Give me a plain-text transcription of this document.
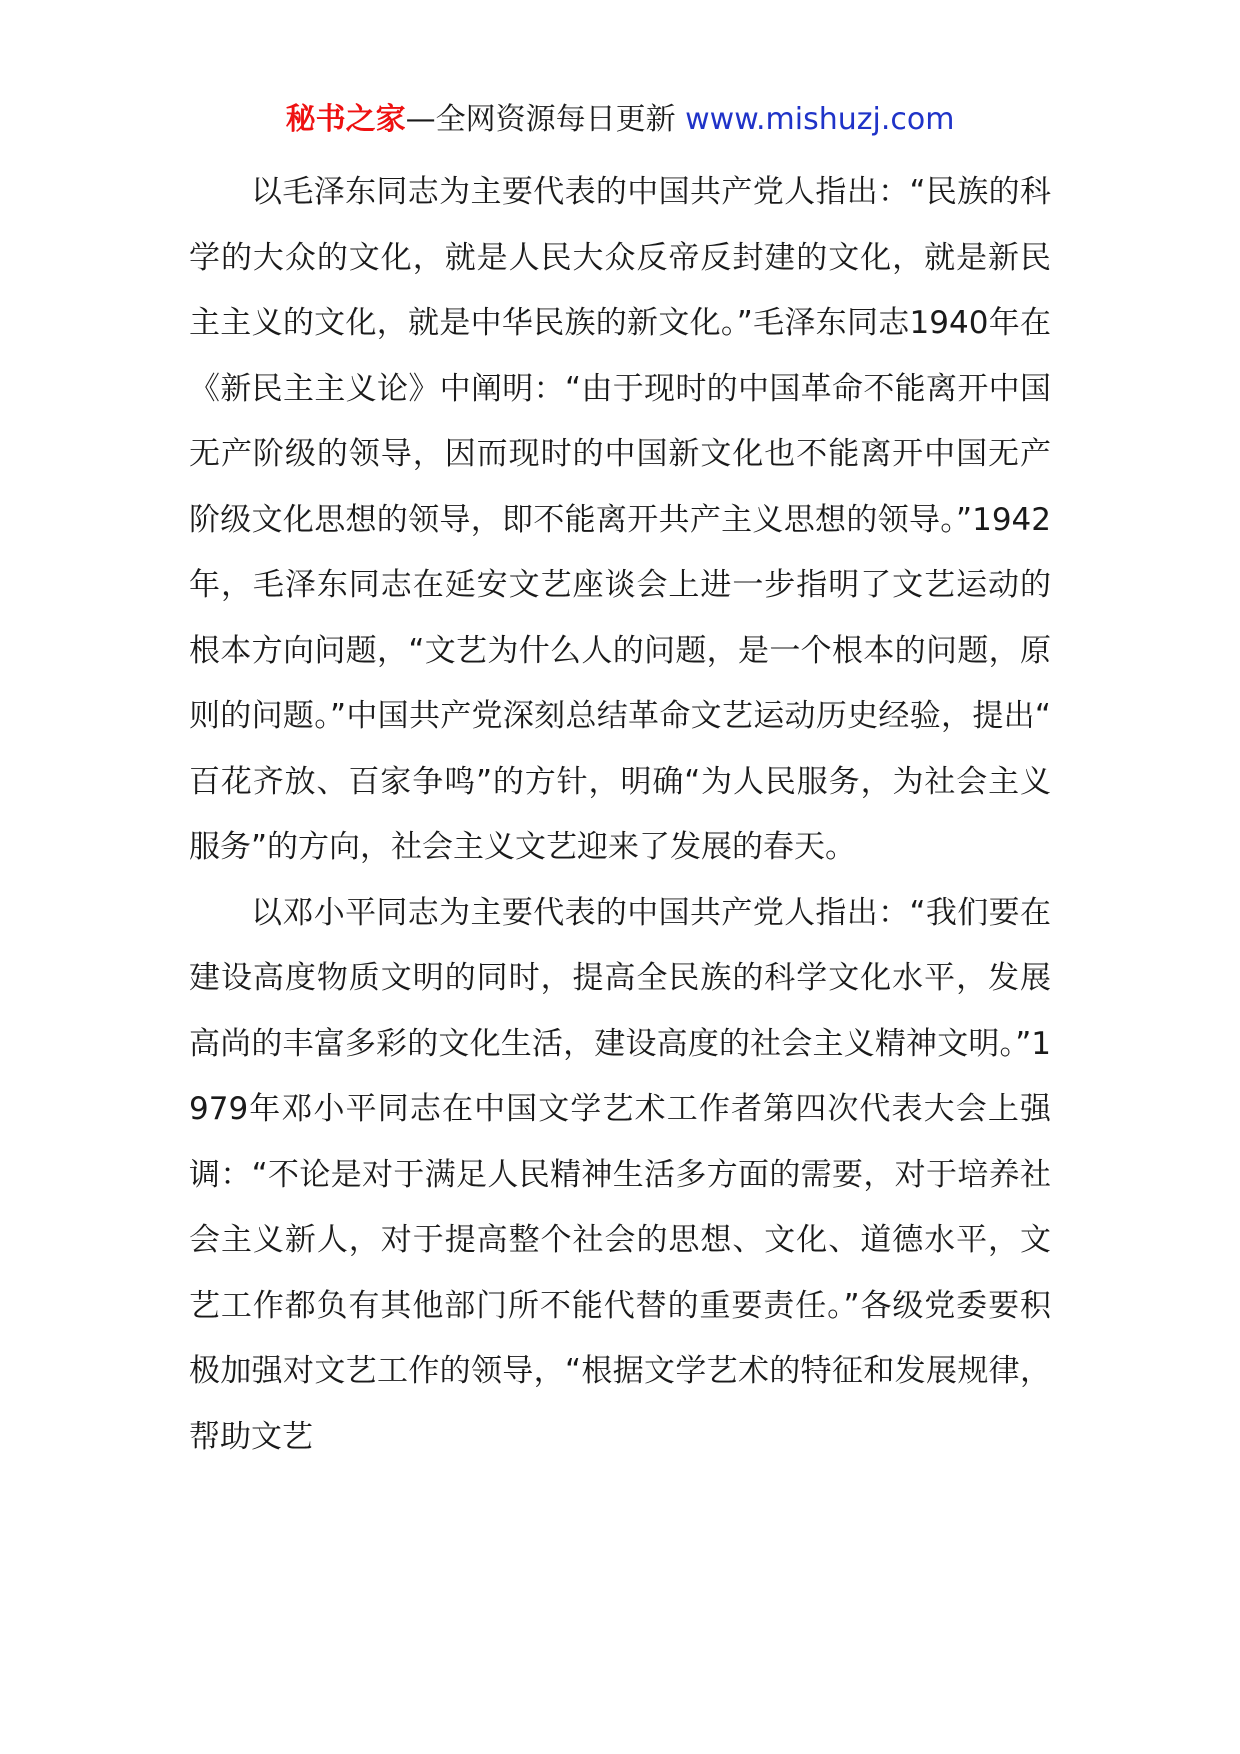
秘书之家—全网资源每日更新 www.mishuzj.com

以毛泽东同志为主要代表的中国共产党人指出：“民族的科学的大众的文化，就是人民大众反帝反封建的文化，就是新民主主义的文化，就是中华民族的新文化。”毛泽东同志1940年在《新民主主义论》中阐明：“由于现时的中国革命不能离开中国无产阶级的领导，因而现时的中国新文化也不能离开中国无产阶级文化思想的领导，即不能离开共产主义思想的领导。”1942年，毛泽东同志在延安文艺座谈会上进一步指明了文艺运动的根本方向问题，“文艺为什么人的问题，是一个根本的问题，原则的问题。”中国共产党深刻总结革命文艺运动历史经验，提出“百花齐放、百家争鸣”的方针，明确“为人民服务，为社会主义服务”的方向，社会主义文艺迎来了发展的春天。

以邓小平同志为主要代表的中国共产党人指出：“我们要在建设高度物质文明的同时，提高全民族的科学文化水平，发展高尚的丰富多彩的文化生活，建设高度的社会主义精神文明。”1979年邓小平同志在中国文学艺术工作者第四次代表大会上强调：“不论是对于满足人民精神生活多方面的需要，对于培养社会主义新人，对于提高整个社会的思想、文化、道德水平，文艺工作都负有其他部门所不能代替的重要责任。”各级党委要积极加强对文艺工作的领导，“根据文学艺术的特征和发展规律，帮助文艺
